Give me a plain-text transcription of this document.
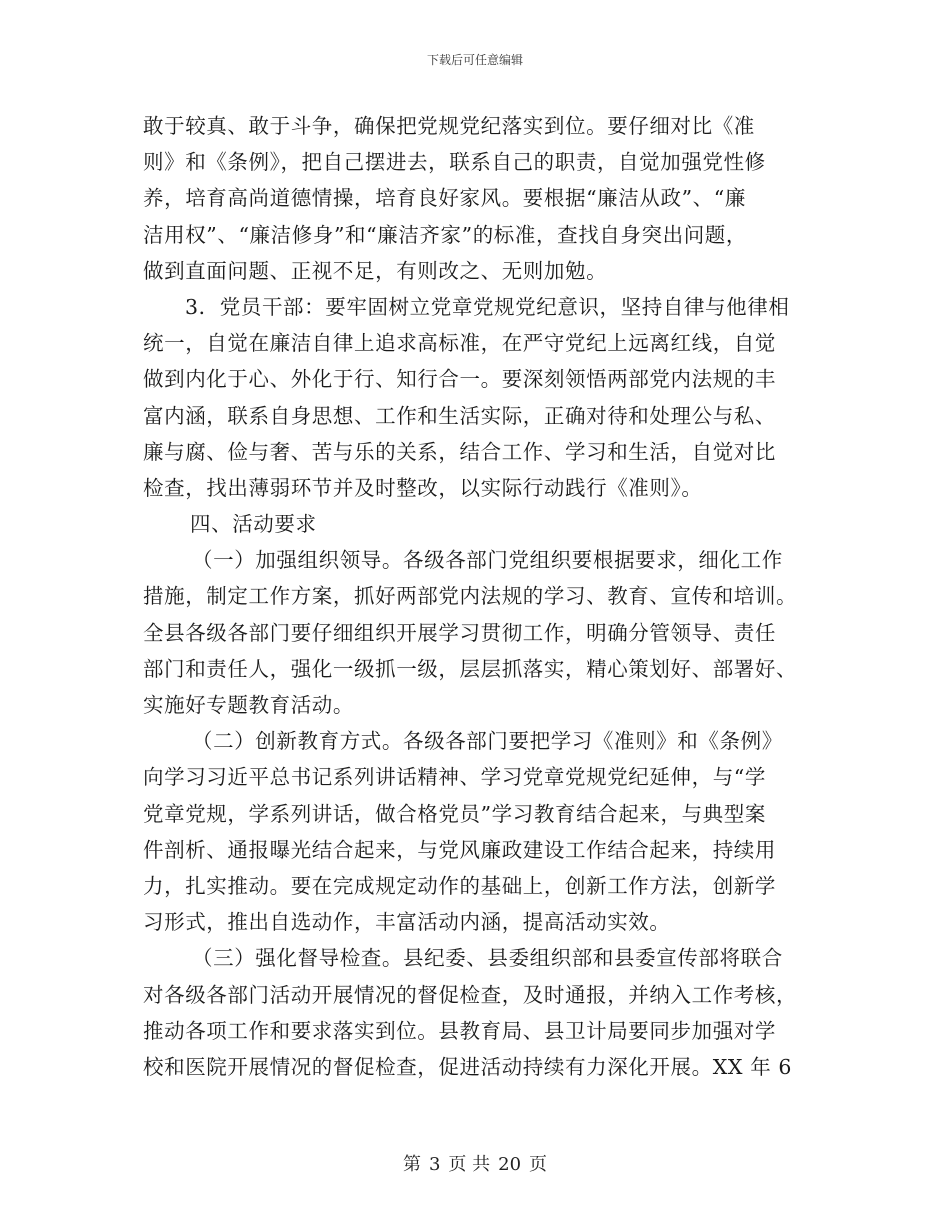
下载后可任意编辑
敢于较真、敢于斗争，确保把党规党纪落实到位。要仔细对比《准
则》和《条例》，把自己摆进去，联系自己的职责，自觉加强党性修
养，培育高尚道德情操，培育良好家风。要根据“廉洁从政”、“廉
洁用权”、“廉洁修身”和“廉洁齐家”的标准，查找自身突出问题，
做到直面问题、正视不足，有则改之、无则加勉。
3．党员干部：要牢固树立党章党规党纪意识，坚持自律与他律相
统一，自觉在廉洁自律上追求高标准，在严守党纪上远离红线，自觉
做到内化于心、外化于行、知行合一。要深刻领悟两部党内法规的丰
富内涵，联系自身思想、工作和生活实际，正确对待和处理公与私、
廉与腐、俭与奢、苦与乐的关系，结合工作、学习和生活，自觉对比
检查，找出薄弱环节并及时整改，以实际行动践行《准则》。
四、活动要求
（一）加强组织领导。各级各部门党组织要根据要求，细化工作
措施，制定工作方案，抓好两部党内法规的学习、教育、宣传和培训。
全县各级各部门要仔细组织开展学习贯彻工作，明确分管领导、责任
部门和责任人，强化一级抓一级，层层抓落实，精心策划好、部署好、
实施好专题教育活动。
（二）创新教育方式。各级各部门要把学习《准则》和《条例》
向学习习近平总书记系列讲话精神、学习党章党规党纪延伸，与“学
党章党规，学系列讲话，做合格党员”学习教育结合起来，与典型案
件剖析、通报曝光结合起来，与党风廉政建设工作结合起来，持续用
力，扎实推动。要在完成规定动作的基础上，创新工作方法，创新学
习形式，推出自选动作，丰富活动内涵，提高活动实效。
（三）强化督导检查。县纪委、县委组织部和县委宣传部将联合
对各级各部门活动开展情况的督促检查，及时通报，并纳入工作考核，
推动各项工作和要求落实到位。县教育局、县卫计局要同步加强对学
校和医院开展情况的督促检查，促进活动持续有力深化开展。XX 年 6
第 3 页 共 20 页
